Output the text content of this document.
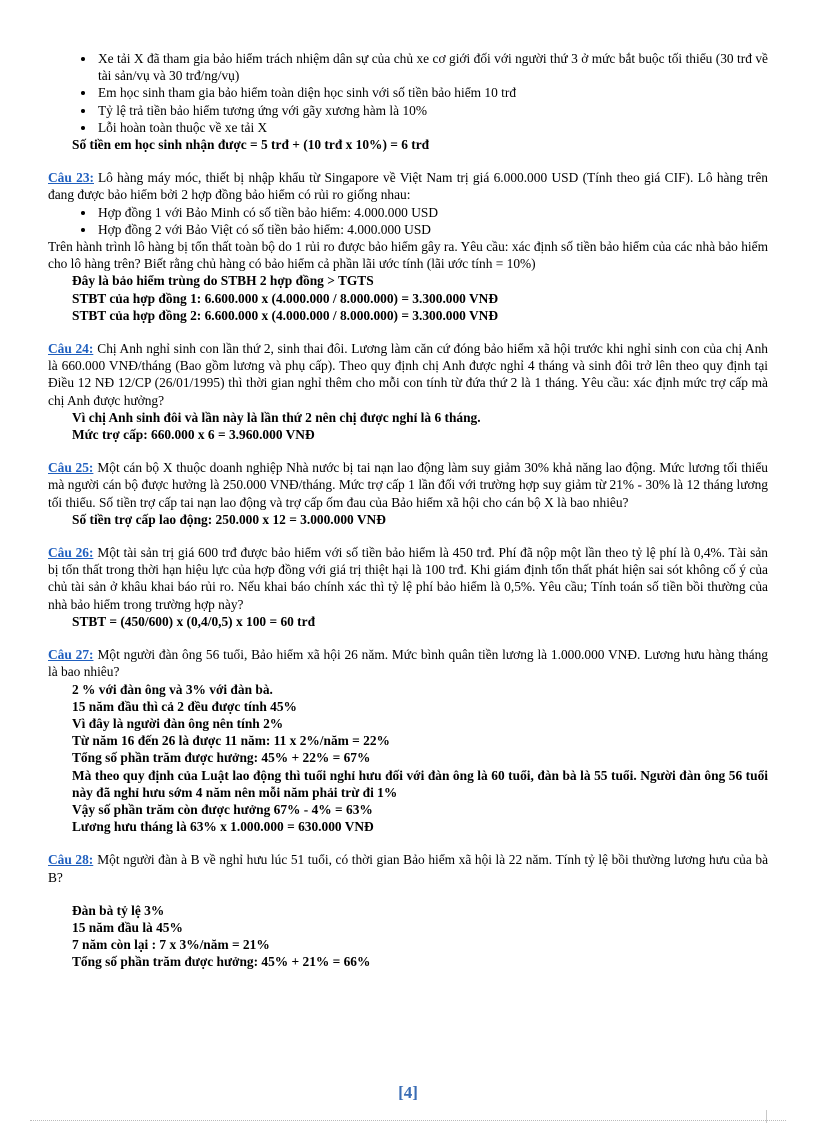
• Xe tải X đã tham gia bảo hiểm trách nhiệm dân sự của chủ xe cơ giới đối với người thứ 3 ở mức bắt buộc tối thiểu (30 trđ về tài sản/vụ và 30 trđ/ng/vụ)
• Em học sinh tham gia bảo hiểm toàn diện học sinh với số tiền bảo hiểm 10 trđ
• Tỷ lệ trả tiền bảo hiểm tương ứng với gãy xương hàm là 10%
• Lỗi hoàn toàn thuộc về xe tải X

Số tiền em học sinh nhận được = 5 trđ + (10 trđ x 10%) = 6 trđ

Câu 23: Lô hàng máy móc, thiết bị nhập khẩu từ Singapore về Việt Nam trị giá 6.000.000 USD (Tính theo giá CIF). Lô hàng trên đang được bảo hiểm bởi 2 hợp đồng bảo hiểm có rủi ro giống nhau:

• Hợp đồng 1 với Bảo Minh có số tiền bảo hiểm: 4.000.000 USD
• Hợp đồng 2 với Bảo Việt có số tiền bảo hiểm: 4.000.000 USD

Trên hành trình lô hàng bị tổn thất toàn bộ do 1 rủi ro được bảo hiểm gây ra. Yêu cầu: xác định số tiền bảo hiểm của các nhà bảo hiểm cho lô hàng trên? Biết rằng chủ hàng có bảo hiểm cả phần lãi ước tính (lãi ước tính = 10%)

Đây là bảo hiểm trùng do STBH 2 hợp đồng > TGTS

STBT của hợp đồng 1: 6.600.000 x (4.000.000 / 8.000.000) = 3.300.000 VNĐ

STBT của hợp đồng 2: 6.600.000 x (4.000.000 / 8.000.000) = 3.300.000 VNĐ

Câu 24: Chị Anh nghỉ sinh con lần thứ 2, sinh thai đôi. Lương làm căn cứ đóng bảo hiểm xã hội trước khi nghỉ sinh con của chị Anh là 660.000 VNĐ/tháng (Bao gồm lương và phụ cấp). Theo quy định chị Anh được nghỉ 4 tháng và sinh đôi trở lên theo quy định tại Điều 12 NĐ 12/CP (26/01/1995) thì thời gian nghỉ thêm cho mỗi con tính từ đứa thứ 2 là 1 tháng. Yêu cầu: xác định mức trợ cấp mà chị Anh được hưởng?

Vì chị Anh sinh đôi và lần này là lần thứ 2 nên chị được nghỉ là 6 tháng.

Mức trợ cấp: 660.000 x 6 = 3.960.000 VNĐ

Câu 25: Một cán bộ X thuộc doanh nghiệp Nhà nước bị tai nạn lao động làm suy giảm 30% khả năng lao động. Mức lương tối thiểu mà người cán bộ được hưởng là 250.000 VNĐ/tháng. Mức trợ cấp 1 lần đối với trường hợp suy giảm từ 21% - 30% là 12 tháng lương tối thiểu. Số tiền trợ cấp tai nạn lao động và trợ cấp ốm đau của Bảo hiểm xã hội cho cán bộ X là bao nhiêu?

Số tiền trợ cấp lao động: 250.000 x 12 = 3.000.000 VNĐ

Câu 26: Một tài sản trị giá 600 trđ được bảo hiểm với số tiền bảo hiểm là 450 trđ. Phí đã nộp một lần theo tỷ lệ phí là 0,4%. Tài sản bị tổn thất trong thời hạn hiệu lực của hợp đồng với giá trị thiệt hại là 100 trđ. Khi giám định tổn thất phát hiện sai sót không cố ý của chủ tài sản ở khâu khai báo rủi ro. Nếu khai báo chính xác thì tỷ lệ phí bảo hiểm là 0,5%. Yêu cầu; Tính toán số tiền bồi thường của nhà bảo hiểm trong trường hợp này?

STBT = (450/600) x (0,4/0,5) x 100 = 60 trđ

Câu 27: Một người đàn ông 56 tuổi, Bảo hiểm xã hội 26 năm. Mức bình quân tiền lương là 1.000.000 VNĐ. Lương hưu hàng tháng là bao nhiêu?

2 % với đàn ông và 3% với đàn bà.

15 năm đầu thì cả 2 đều được tính 45%

Vì đây là người đàn ông nên tính 2%

Từ năm 16 đến 26 là được 11 năm: 11 x 2%/năm = 22%

Tổng số phần trăm được hưởng: 45% + 22% = 67%

Mà theo quy định của Luật lao động thì tuổi nghỉ hưu đối với đàn ông là 60 tuổi, đàn bà là 55 tuổi. Người đàn ông 56 tuổi này đã nghỉ hưu sớm 4 năm nên mỗi năm phải trừ đi 1%

Vậy số phần trăm còn được hưởng 67% - 4% = 63%

Lương hưu tháng là 63% x 1.000.000 = 630.000 VNĐ

Câu 28: Một người đàn à B về nghỉ hưu lúc 51 tuổi, có thời gian Bảo hiểm xã hội là 22 năm. Tính tỷ lệ bồi thường lương hưu của bà B?

Đàn bà tỷ lệ 3%

15 năm đầu là 45%

7 năm còn lại : 7 x 3%/năm = 21%

Tổng số phần trăm được hưởng: 45% + 21% = 66%

[4]
